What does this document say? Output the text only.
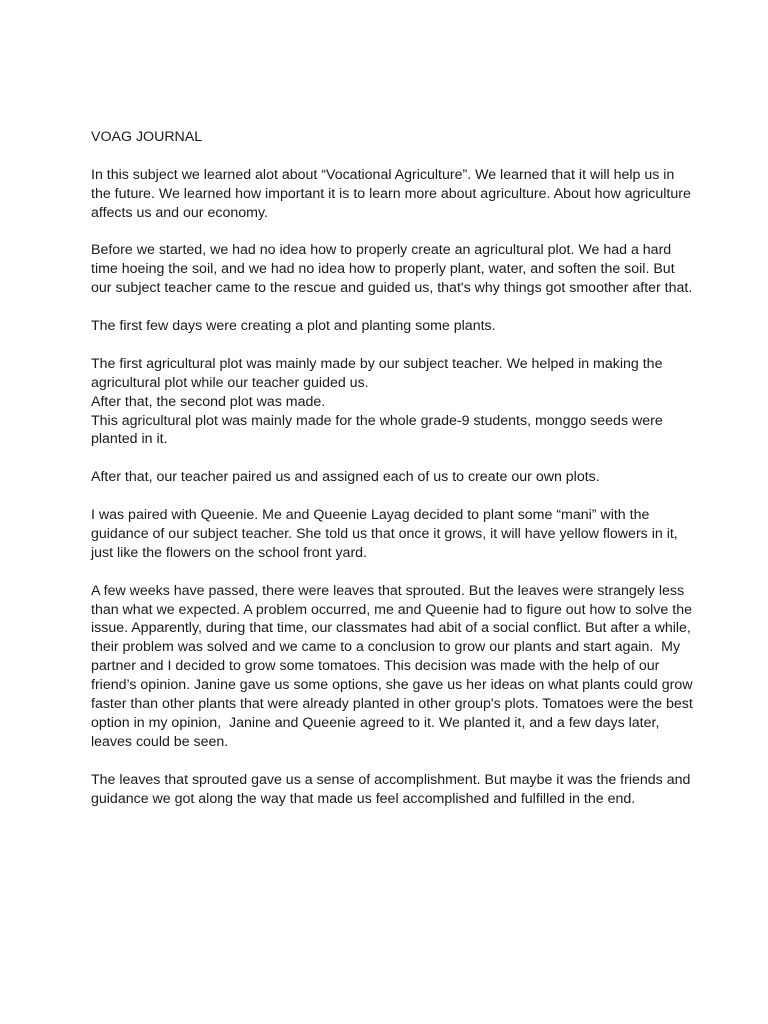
VOAG JOURNAL
In this subject we learned alot about “Vocational Agriculture”. We learned that it will help us in
the future. We learned how important it is to learn more about agriculture. About how agriculture
affects us and our economy.
Before we started, we had no idea how to properly create an agricultural plot. We had a hard
time hoeing the soil, and we had no idea how to properly plant, water, and soften the soil. But
our subject teacher came to the rescue and guided us, that's why things got smoother after that.
The first few days were creating a plot and planting some plants.
The first agricultural plot was mainly made by our subject teacher. We helped in making the
agricultural plot while our teacher guided us.
After that, the second plot was made.
This agricultural plot was mainly made for the whole grade-9 students, monggo seeds were
planted in it.
After that, our teacher paired us and assigned each of us to create our own plots.
I was paired with Queenie. Me and Queenie Layag decided to plant some “mani” with the
guidance of our subject teacher. She told us that once it grows, it will have yellow flowers in it,
just like the flowers on the school front yard.
A few weeks have passed, there were leaves that sprouted. But the leaves were strangely less
than what we expected. A problem occurred, me and Queenie had to figure out how to solve the
issue. Apparently, during that time, our classmates had abit of a social conflict. But after a while,
their problem was solved and we came to a conclusion to grow our plants and start again.  My
partner and I decided to grow some tomatoes. This decision was made with the help of our
friend’s opinion. Janine gave us some options, she gave us her ideas on what plants could grow
faster than other plants that were already planted in other group's plots. Tomatoes were the best
option in my opinion,  Janine and Queenie agreed to it. We planted it, and a few days later,
leaves could be seen.
The leaves that sprouted gave us a sense of accomplishment. But maybe it was the friends and
guidance we got along the way that made us feel accomplished and fulfilled in the end.
